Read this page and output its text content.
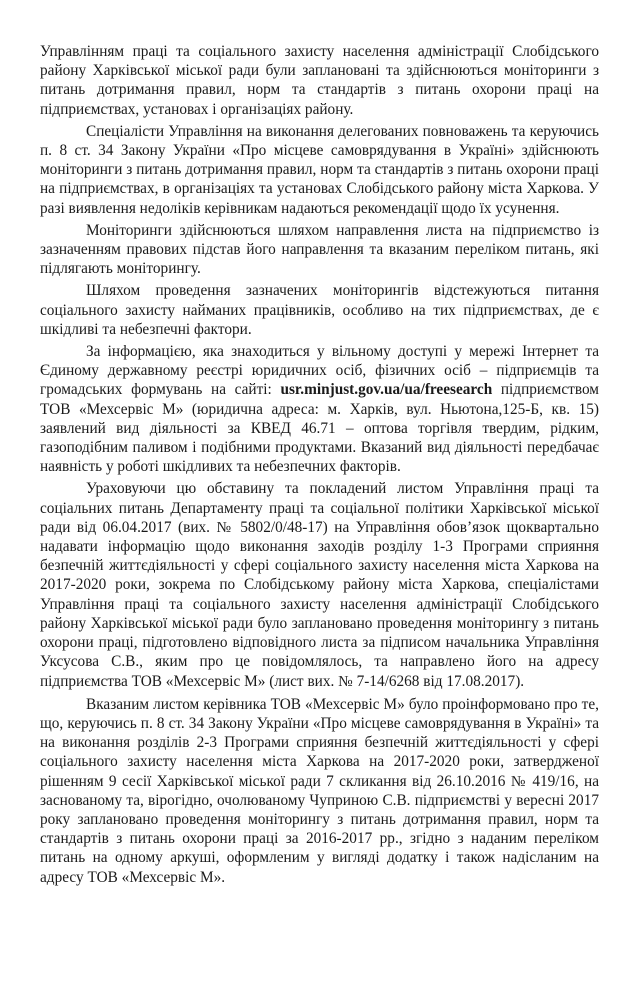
Управлінням праці та соціального захисту населення адміністрації Слобідського району Харківської міської ради були заплановані та здійснюються моніторинги з питань дотримання правил, норм та стандартів з питань охорони праці на підприємствах, установах і організаціях району.

Спеціалісти Управління на виконання делегованих повноважень та керуючись п. 8 ст. 34 Закону України «Про місцеве самоврядування в Україні» здійснюють моніторинги з питань дотримання правил, норм та стандартів з питань охорони праці на підприємствах, в організаціях та установах Слобідського району міста Харкова. У разі виявлення недоліків керівникам надаються рекомендації щодо їх усунення.

Моніторинги здійснюються шляхом направлення листа на підприємство із зазначенням правових підстав його направлення та вказаним переліком питань, які підлягають моніторингу.

Шляхом проведення зазначених моніторингів відстежуються питання соціального захисту найманих працівників, особливо на тих підприємствах, де є шкідливі та небезпечні фактори.

За інформацією, яка знаходиться у вільному доступі у мережі Інтернет та Єдиному державному реєстрі юридичних осіб, фізичних осіб – підприємців та громадських формувань на сайті: usr.minjust.gov.ua/ua/freesearch підприємством ТОВ «Мехсервіс М» (юридична адреса: м. Харків, вул. Ньютона,125-Б, кв. 15) заявлений вид діяльності за КВЕД 46.71 – оптова торгівля твердим, рідким, газоподібним паливом і подібними продуктами. Вказаний вид діяльності передбачає наявність у роботі шкідливих та небезпечних факторів.

Ураховуючи цю обставину та покладений листом Управління праці та соціальних питань Департаменту праці та соціальної політики Харківської міської ради від 06.04.2017 (вих. № 5802/0/48-17) на Управління обов’язок щоквартально надавати інформацію щодо виконання заходів розділу 1-3 Програми сприяння безпечній життєдіяльності у сфері соціального захисту населення міста Харкова на 2017-2020 роки, зокрема по Слобідському району міста Харкова, спеціалістами Управління праці та соціального захисту населення адміністрації Слобідського району Харківської міської ради було заплановано проведення моніторингу з питань охорони праці, підготовлено відповідного листа за підписом начальника Управління Уксусова С.В., яким про це повідомлялось, та направлено його на адресу підприємства ТОВ «Мехсервіс М» (лист вих. № 7-14/6268 від 17.08.2017).

Вказаним листом керівника ТОВ «Мехсервіс М» було проінформовано про те, що, керуючись п. 8 ст. 34 Закону України «Про місцеве самоврядування в Україні» та на виконання розділів 2-3 Програми сприяння безпечній життєдіяльності у сфері соціального захисту населення міста Харкова на 2017-2020 роки, затвердженої рішенням 9 сесії Харківської міської ради 7 скликання від 26.10.2016 № 419/16, на заснованому та, вірогідно, очолюваному Чуприною С.В. підприємстві у вересні 2017 року заплановано проведення моніторингу з питань дотримання правил, норм та стандартів з питань охорони праці за 2016-2017 рр., згідно з наданим переліком питань на одному аркуші, оформленим у вигляді додатку і також надісланим на адресу ТОВ «Мехсервіс М».
